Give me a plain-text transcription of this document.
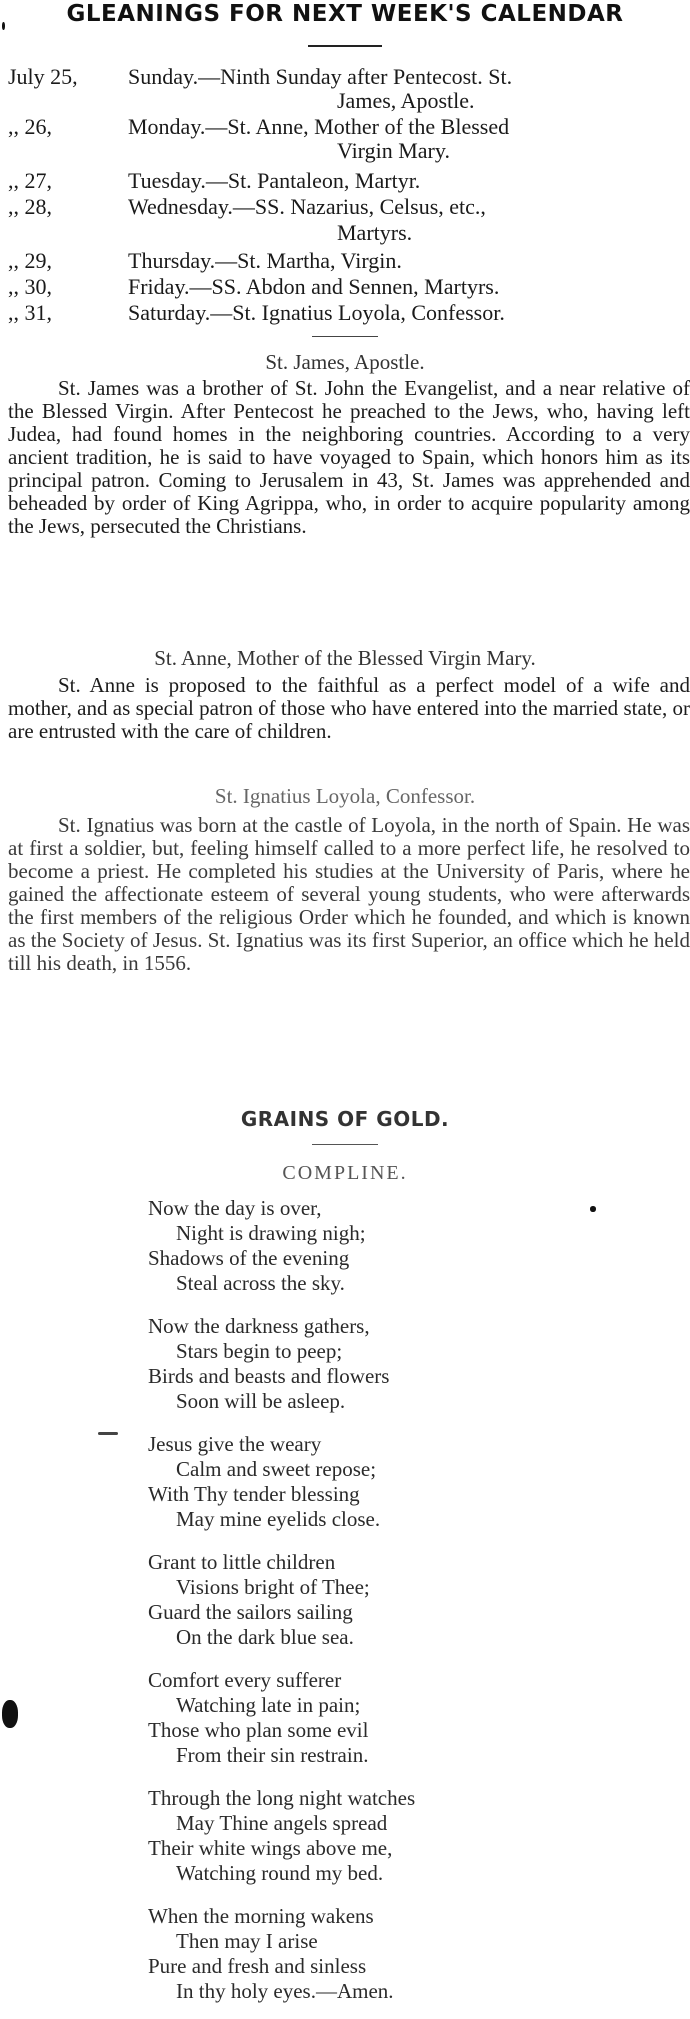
GLEANINGS FOR NEXT WEEK'S CALENDAR
July 25,	Sunday.—Ninth Sunday after Pentecost. St.
James, Apostle.
,, 26,	Monday.—St. Anne, Mother of the Blessed
Virgin Mary.
,, 27,	Tuesday.—St. Pantaleon, Martyr.
,, 28,	Wednesday.—SS. Nazarius, Celsus, etc.,
Martyrs.
,, 29,	Thursday.—St. Martha, Virgin.
,, 30,	Friday.—SS. Abdon and Sennen, Martyrs.
,, 31,	Saturday.—St. Ignatius Loyola, Confessor.
St. James, Apostle.

St. James was a brother of St. John the Evangelist, and a near relative of the Blessed Virgin. After Pentecost he preached to the Jews, who, having left Judea, had found homes in the neighboring countries. According to a very ancient tradition, he is said to have voyaged to Spain, which honors him as its principal patron. Coming to Jerusalem in 43, St. James was apprehended and beheaded by order of King Agrippa, who, in order to acquire popularity among the Jews, persecuted the Christians.

St. Anne, Mother of the Blessed Virgin Mary.

St. Anne is proposed to the faithful as a perfect model of a wife and mother, and as special patron of those who have entered into the married state, or are entrusted with the care of children.

St. Ignatius Loyola, Confessor.

St. Ignatius was born at the castle of Loyola, in the north of Spain. He was at first a soldier, but, feeling himself called to a more perfect life, he resolved to become a priest. He completed his studies at the University of Paris, where he gained the affectionate esteem of several young students, who were afterwards the first members of the religious Order which he founded, and which is known as the Society of Jesus. St. Ignatius was its first Superior, an office which he held till his death, in 1556.

GRAINS OF GOLD.
COMPLINE.
Now the day is over,
Night is drawing nigh;
Shadows of the evening
Steal across the sky.
Now the darkness gathers,
Stars begin to peep;
Birds and beasts and flowers
Soon will be asleep.
Jesus give the weary
Calm and sweet repose;
With Thy tender blessing
May mine eyelids close.
Grant to little children
Visions bright of Thee;
Guard the sailors sailing
On the dark blue sea.
Comfort every sufferer
Watching late in pain;
Those who plan some evil
From their sin restrain.
Through the long night watches
May Thine angels spread
Their white wings above me,
Watching round my bed.
When the morning wakens
Then may I arise
Pure and fresh and sinless
In thy holy eyes.—Amen.
